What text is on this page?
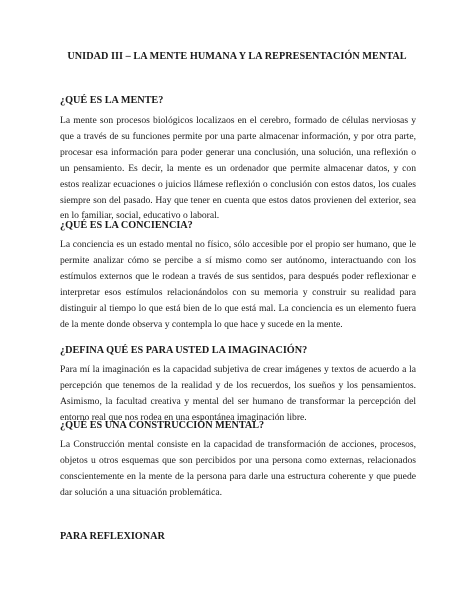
UNIDAD III – LA MENTE HUMANA Y LA REPRESENTACIÓN MENTAL
¿QUÉ ES LA MENTE?

La mente son procesos biológicos localizaos en el cerebro, formado de células nerviosas y que a través de su funciones permite por una parte almacenar información, y por otra parte, procesar esa información para poder generar una conclusión, una solución, una reflexión o un pensamiento. Es decir, la mente es un ordenador que permite almacenar datos, y con estos realizar ecuaciones o juicios llámese reflexión o conclusión con estos datos, los cuales siempre son del pasado. Hay que tener en cuenta que estos datos provienen del exterior, sea en lo familiar, social, educativo o laboral.

¿QUÉ ES LA CONCIENCIA?

La conciencia es un estado mental no físico, sólo accesible por el propio ser humano, que le permite analizar cómo se percibe a sí mismo como ser autónomo, interactuando con los estímulos externos que le rodean a través de sus sentidos, para después poder reflexionar e interpretar esos estímulos relacionándolos con su memoria y construir su realidad para distinguir al tiempo lo que está bien de lo que está mal. La conciencia es un elemento fuera de la mente donde observa y contempla lo que hace y sucede en la mente.

¿DEFINA QUÉ ES PARA USTED LA IMAGINACIÓN?

Para mí la imaginación es la capacidad subjetiva de crear imágenes y textos de acuerdo a la percepción que tenemos de la realidad y de los recuerdos, los sueños y los pensamientos. Asimismo, la facultad creativa y mental del ser humano de transformar la percepción del entorno real que nos rodea en una espontánea imaginación libre.

¿QUÉ ES UNA CONSTRUCCIÓN MENTAL?

La Construcción mental consiste en la capacidad de transformación de acciones, procesos, objetos u otros esquemas que son percibidos por una persona como externas, relacionados conscientemente en la mente de la persona para darle una estructura coherente y que puede dar solución a una situación problemática.

PARA REFLEXIONAR
